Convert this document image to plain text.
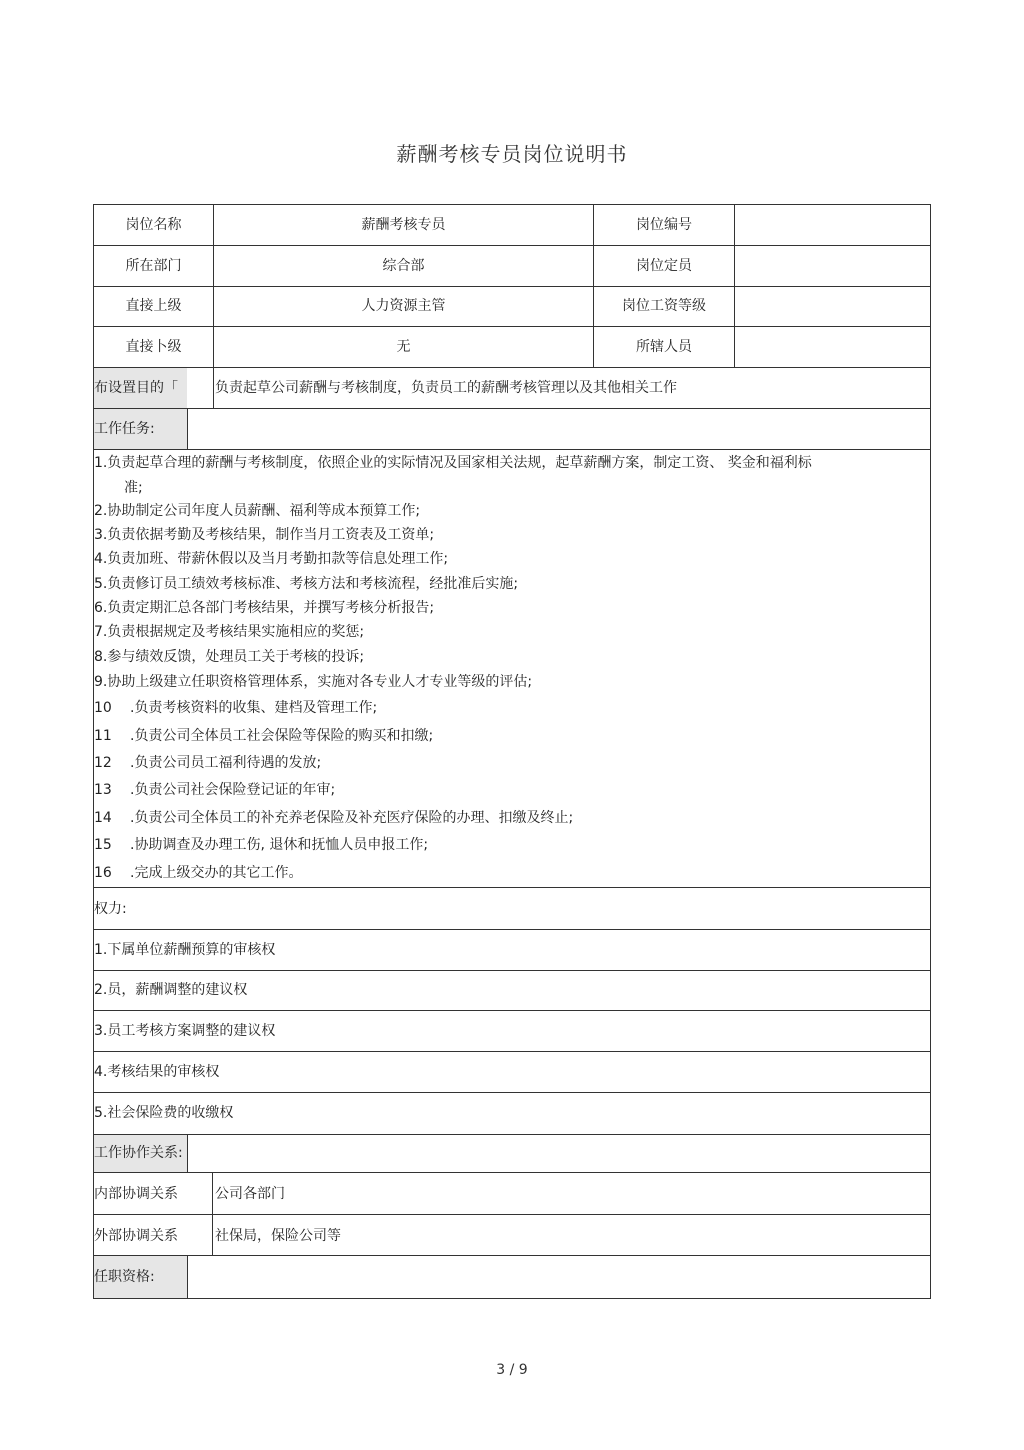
薪酬考核专员岗位说明书
岗位名称	薪酬考核专员	岗位编号
所在部门	综合部	岗位定员
直接上级	人力资源主管	岗位工资等级
直接卜级	无	所辖人员
布设置目的「	负责起草公司薪酬与考核制度，负责员工的薪酬考核管理以及其他相关工作
工作任务:
1.负责起草合理的薪酬与考核制度，依照企业的实际情况及国家相关法规，起草薪酬方案，制定工资、 奖金和福利标
准;
2.协助制定公司年度人员薪酬、福利等成本预算工作;
3.负责依据考勤及考核结果，制作当月工资表及工资单;
4.负责加班、带薪休假以及当月考勤扣款等信息处理工作;
5.负责修订员工绩效考核标准、考核方法和考核流程，经批准后实施;
6.负责定期汇总各部门考核结果，并撰写考核分析报告;
7.负责根据规定及考核结果实施相应的奖惩;
8.参与绩效反馈，处理员工关于考核的投诉;
9.协助上级建立任职资格管理体系，实施对各专业人才专业等级的评估;
10 .负责考核资料的收集、建档及管理工作;
11 .负责公司全体员工社会保险等保险的购买和扣缴;
12 .负责公司员工福利待遇的发放;
13 .负责公司社会保险登记证的年审;
14 .负责公司全体员工的补充养老保险及补充医疗保险的办理、扣缴及终止;
15 .协助调查及办理工伤, 退休和抚恤人员申报工作;
16 .完成上级交办的其它工作。
权力:
1.下属单位薪酬预算的审核权
2.员，薪酬调整的建议权
3.员工考核方案调整的建议权
4.考核结果的审核权
5.社会保险费的收缴权
工作协作关系:
内部协调关系	公司各部门
外部协调关系	社保局，保险公司等
任职资格:
3 / 9
